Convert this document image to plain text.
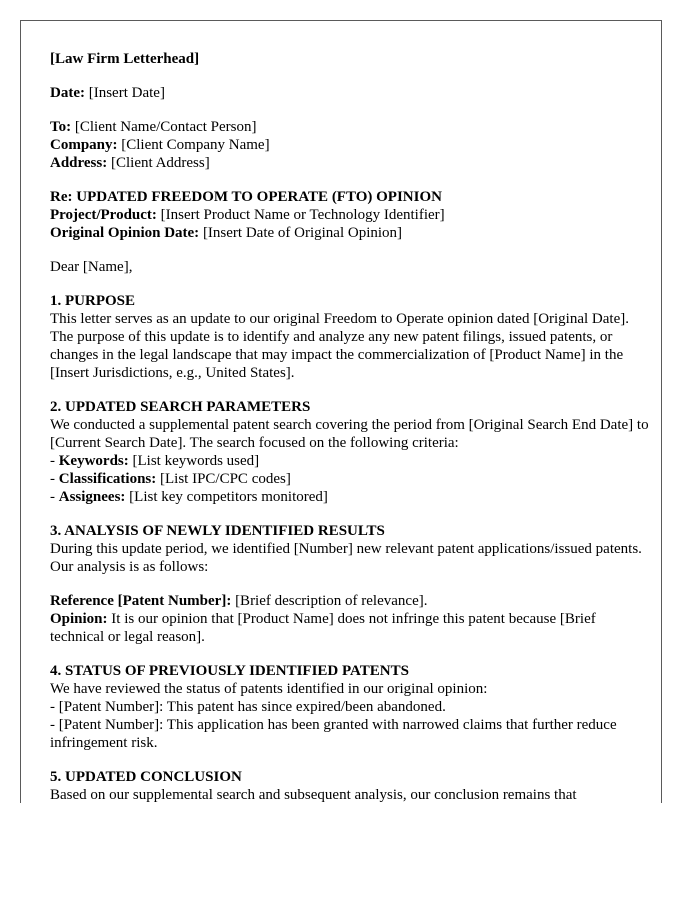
[Law Firm Letterhead]
Date: [Insert Date]
To: [Client Name/Contact Person]
Company: [Client Company Name]
Address: [Client Address]
Re: UPDATED FREEDOM TO OPERATE (FTO) OPINION
Project/Product: [Insert Product Name or Technology Identifier]
Original Opinion Date: [Insert Date of Original Opinion]
Dear [Name],
1. PURPOSE
This letter serves as an update to our original Freedom to Operate opinion dated [Original Date]. The purpose of this update is to identify and analyze any new patent filings, issued patents, or changes in the legal landscape that may impact the commercialization of [Product Name] in the [Insert Jurisdictions, e.g., United States].
2. UPDATED SEARCH PARAMETERS
We conducted a supplemental patent search covering the period from [Original Search End Date] to [Current Search Date]. The search focused on the following criteria:
- Keywords: [List keywords used]
- Classifications: [List IPC/CPC codes]
- Assignees: [List key competitors monitored]
3. ANALYSIS OF NEWLY IDENTIFIED RESULTS
During this update period, we identified [Number] new relevant patent applications/issued patents. Our analysis is as follows:
Reference [Patent Number]: [Brief description of relevance].
Opinion: It is our opinion that [Product Name] does not infringe this patent because [Brief technical or legal reason].
4. STATUS OF PREVIOUSLY IDENTIFIED PATENTS
We have reviewed the status of patents identified in our original opinion:
- [Patent Number]: This patent has since expired/been abandoned.
- [Patent Number]: This application has been granted with narrowed claims that further reduce infringement risk.
5. UPDATED CONCLUSION
Based on our supplemental search and subsequent analysis, our conclusion remains that
